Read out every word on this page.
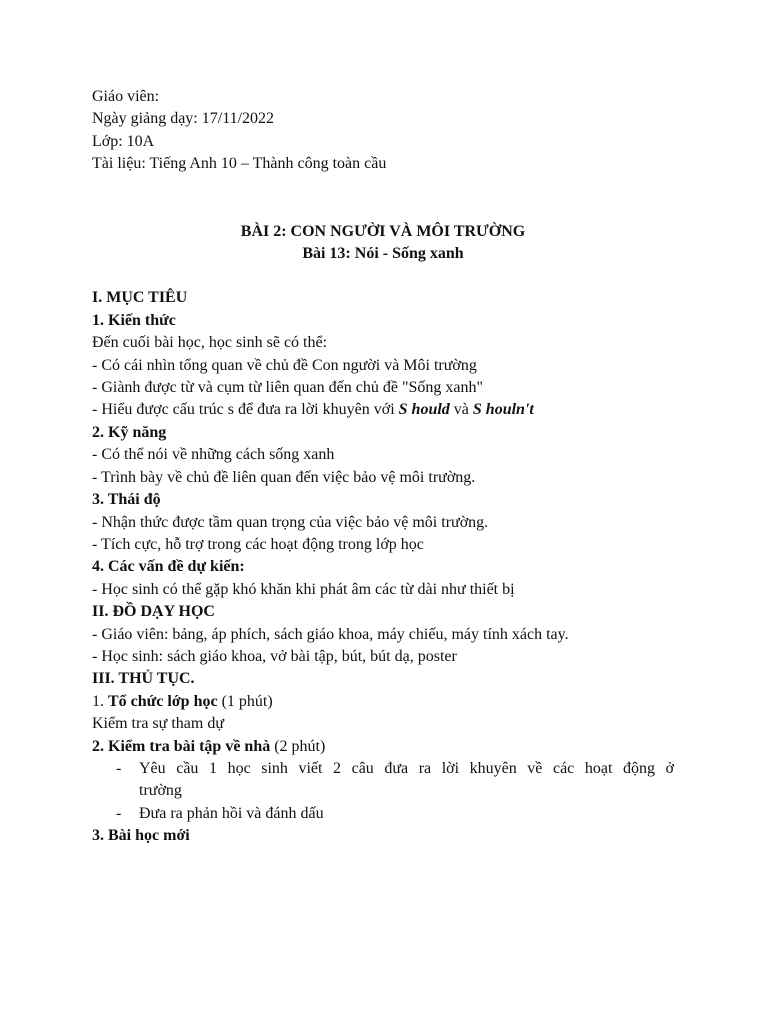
Giáo viên:
Ngày giảng dạy: 17/11/2022
Lớp: 10A
Tài liệu: Tiếng Anh 10 – Thành công toàn cầu
BÀI 2: CON NGƯỜI VÀ MÔI TRƯỜNG
Bài 13: Nói - Sống xanh
I. MỤC TIÊU
1. Kiến thức
Đến cuối bài học, học sinh sẽ có thể:
- Có cái nhìn tổng quan về chủ đề Con người và Môi trường
- Giành được từ và cụm từ liên quan đến chủ đề "Sống xanh"
- Hiểu được cấu trúc s để đưa ra lời khuyên với S hould và S houln't
2. Kỹ năng
- Có thể nói về những cách sống xanh
- Trình bày về chủ đề liên quan đến việc bảo vệ môi trường.
3. Thái độ
- Nhận thức được tầm quan trọng của việc bảo vệ môi trường.
- Tích cực, hỗ trợ trong các hoạt động trong lớp học
4. Các vấn đề dự kiến:
- Học sinh có thể gặp khó khăn khi phát âm các từ dài như thiết bị
II. ĐỒ DẠY HỌC
- Giáo viên: bảng, áp phích, sách giáo khoa, máy chiếu, máy tính xách tay.
- Học sinh: sách giáo khoa, vở bài tập, bút, bút dạ, poster
III. THỦ TỤC.
1. Tổ chức lớp học (1 phút)
Kiểm tra sự tham dự
2. Kiểm tra bài tập về nhà (2 phút)
- Yêu cầu 1 học sinh viết 2 câu đưa ra lời khuyên về các hoạt động ở
trường
- Đưa ra phản hồi và đánh dấu
3. Bài học mới
